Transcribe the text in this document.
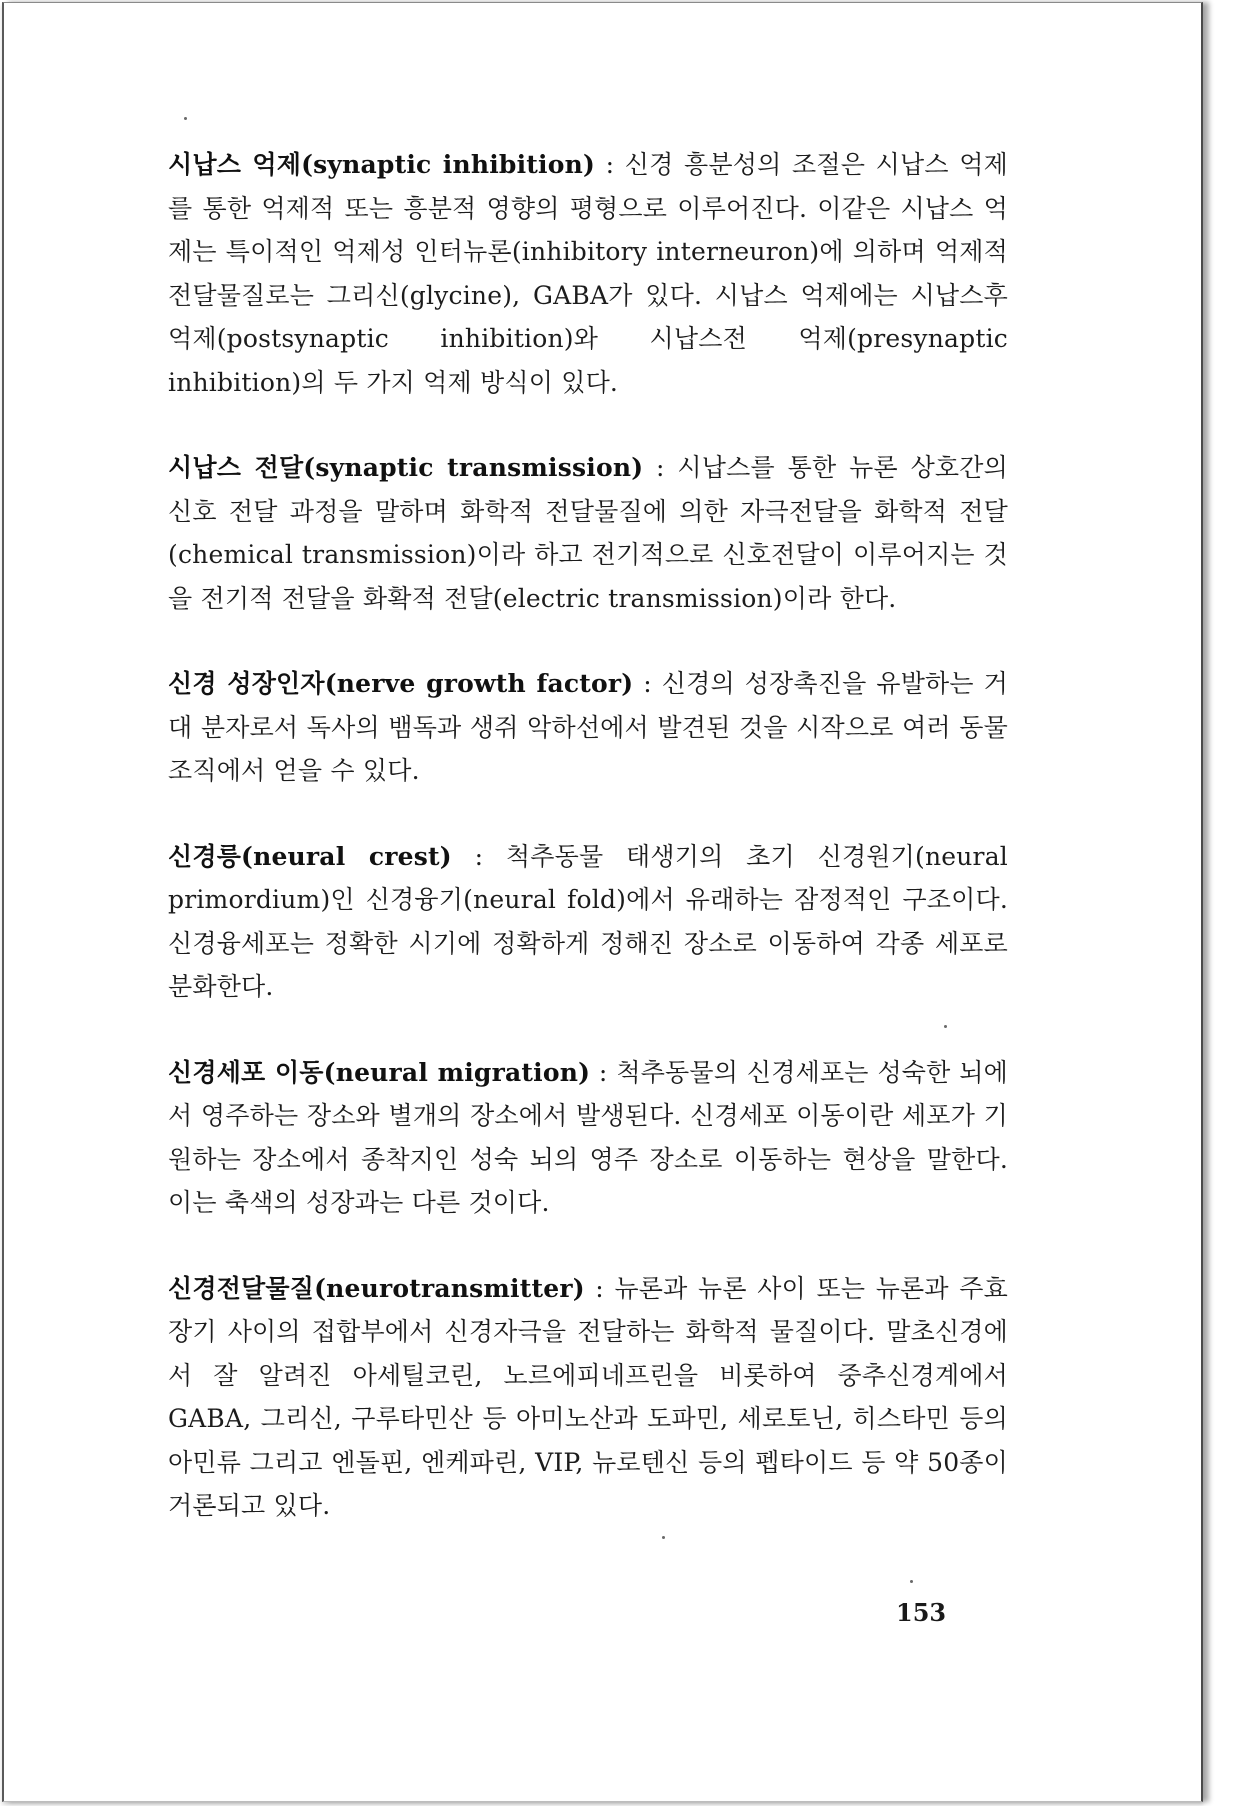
시납스 억제(synaptic inhibition) : 신경 흥분성의 조절은 시납스 억제를 통한 억제적 또는 흥분적 영향의 평형으로 이루어진다. 이같은 시납스 억제는 특이적인 억제성 인터뉴론(inhibitory interneuron)에 의하며 억제적 전달물질로는 그리신(glycine), GABA가 있다. 시납스 억제에는 시납스후 억제(postsynaptic inhibition)와 시납스전 억제(presynaptic inhibition)의 두 가지 억제 방식이 있다.

시납스 전달(synaptic transmission) : 시납스를 통한 뉴론 상호간의 신호 전달 과정을 말하며 화학적 전달물질에 의한 자극전달을 화학적 전달(chemical transmission)이라 하고 전기적으로 신호전달이 이루어지는 것을 전기적 전달을 화확적 전달(electric transmission)이라 한다.

신경 성장인자(nerve growth factor) : 신경의 성장촉진을 유발하는 거대 분자로서 독사의 뱀독과 생쥐 악하선에서 발견된 것을 시작으로 여러 동물 조직에서 얻을 수 있다.

신경릉(neural crest) : 척추동물 태생기의 초기 신경원기(neural primordium)인 신경융기(neural fold)에서 유래하는 잠정적인 구조이다. 신경융세포는 정확한 시기에 정확하게 정해진 장소로 이동하여 각종 세포로 분화한다.

신경세포 이동(neural migration) : 척추동물의 신경세포는 성숙한 뇌에서 영주하는 장소와 별개의 장소에서 발생된다. 신경세포 이동이란 세포가 기원하는 장소에서 종착지인 성숙 뇌의 영주 장소로 이동하는 현상을 말한다. 이는 축색의 성장과는 다른 것이다.

신경전달물질(neurotransmitter) : 뉴론과 뉴론 사이 또는 뉴론과 주효장기 사이의 접합부에서 신경자극을 전달하는 화학적 물질이다. 말초신경에서 잘 알려진 아세틸코린, 노르에피네프린을 비롯하여 중추신경계에서 GABA, 그리신, 구루타민산 등 아미노산과 도파민, 세로토닌, 히스타민 등의 아민류 그리고 엔돌핀, 엔케파린, VIP, 뉴로텐신 등의 펩타이드 등 약 50종이 거론되고 있다.

153
